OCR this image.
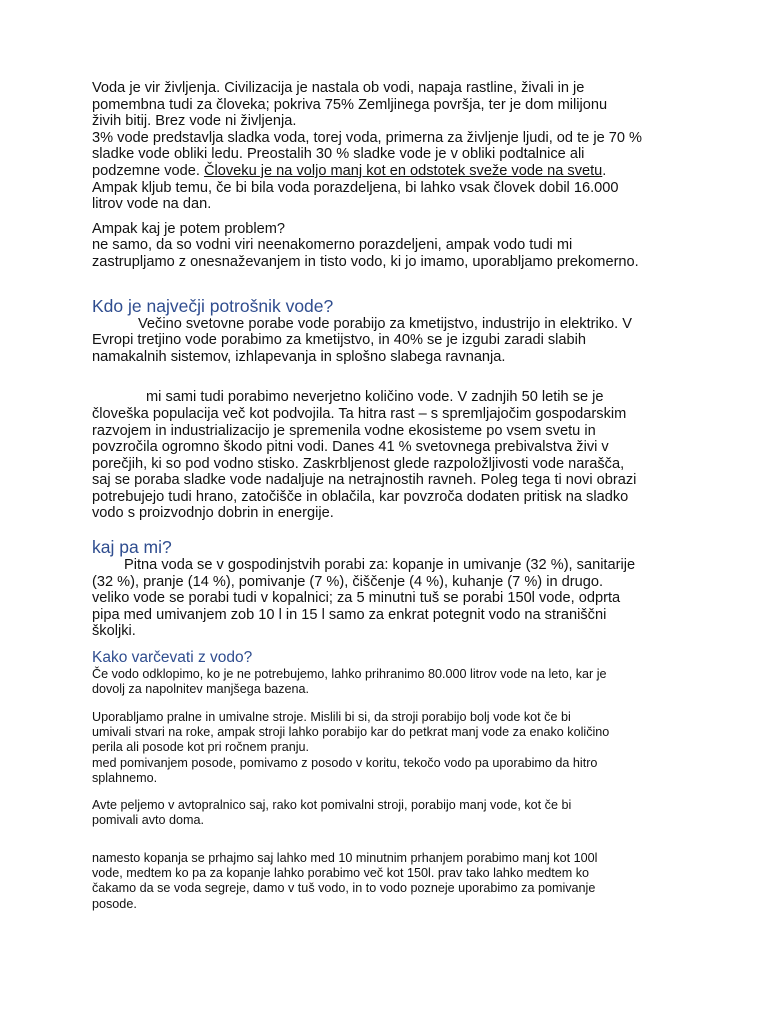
Voda je vir življenja. Civilizacija je nastala ob vodi, napaja rastline, živali in je

pomembna tudi za človeka; pokriva 75% Zemljinega površja, ter je dom milijonu

živih bitij. Brez vode ni življenja.

3% vode predstavlja sladka voda, torej voda, primerna za življenje ljudi, od te je 70 %

sladke vode obliki ledu. Preostalih 30 % sladke vode je v obliki podtalnice ali

podzemne vode. Človeku je na voljo manj kot en odstotek sveže vode na svetu.

Ampak kljub temu, če bi bila voda porazdeljena, bi lahko vsak človek dobil 16.000

litrov vode na dan.

Ampak kaj je potem problem?

ne samo, da so vodni viri neenakomerno porazdeljeni, ampak vodo tudi mi

zastrupljamo z onesnaževanjem in tisto vodo, ki jo imamo, uporabljamo prekomerno.

Kdo je največji potrošnik vode?

Večino svetovne porabe vode porabijo za kmetijstvo, industrijo in elektriko. V

Evropi tretjino vode porabimo za kmetijstvo, in 40% se je izgubi zaradi slabih

namakalnih sistemov, izhlapevanja in splošno slabega ravnanja.

mi sami tudi porabimo neverjetno količino vode. V zadnjih 50 letih se je

človeška populacija več kot podvojila. Ta hitra rast – s spremljajočim gospodarskim

razvojem in industrializacijo je spremenila vodne ekosisteme po vsem svetu in

povzročila ogromno škodo pitni vodi. Danes 41 % svetovnega prebivalstva živi v

porečjih, ki so pod vodno stisko. Zaskrbljenost glede razpoložljivosti vode narašča,

saj se poraba sladke vode nadaljuje na netrajnostih ravneh. Poleg tega ti novi obrazi

potrebujejo tudi hrano, zatočišče in oblačila, kar povzroča dodaten pritisk na sladko

vodo s proizvodnjo dobrin in energije.

kaj pa mi?

Pitna voda se v gospodinjstvih porabi za: kopanje in umivanje (32 %), sanitarije

(32 %), pranje (14 %), pomivanje (7 %), čiščenje (4 %), kuhanje (7 %) in drugo.

veliko vode se porabi tudi v kopalnici; za 5 minutni tuš se porabi 150l vode, odprta

pipa med umivanjem zob 10 l in 15 l samo za enkrat potegnit vodo na straniščni

školjki.

Kako varčevati z vodo?

Če vodo odklopimo, ko je ne potrebujemo, lahko prihranimo 80.000 litrov vode na leto, kar je

dovolj za napolnitev manjšega bazena.

Uporabljamo pralne in umivalne stroje. Mislili bi si, da stroji porabijo bolj vode kot če bi

umivali stvari na roke, ampak stroji lahko porabijo kar do petkrat manj vode za enako količino

perila ali posode kot pri ročnem pranju.

med pomivanjem posode, pomivamo z posodo v koritu, tekočo vodo pa uporabimo da hitro

splahnemo.

Avte peljemo v avtopralnico saj, rako kot pomivalni stroji, porabijo manj vode, kot če bi

pomivali avto doma.

namesto kopanja se prhajmo saj lahko med 10 minutnim prhanjem porabimo manj kot 100l

vode, medtem ko pa za kopanje lahko porabimo več kot 150l. prav tako lahko medtem ko

čakamo da se voda segreje, damo v tuš vodo, in to vodo pozneje uporabimo za pomivanje

posode.
